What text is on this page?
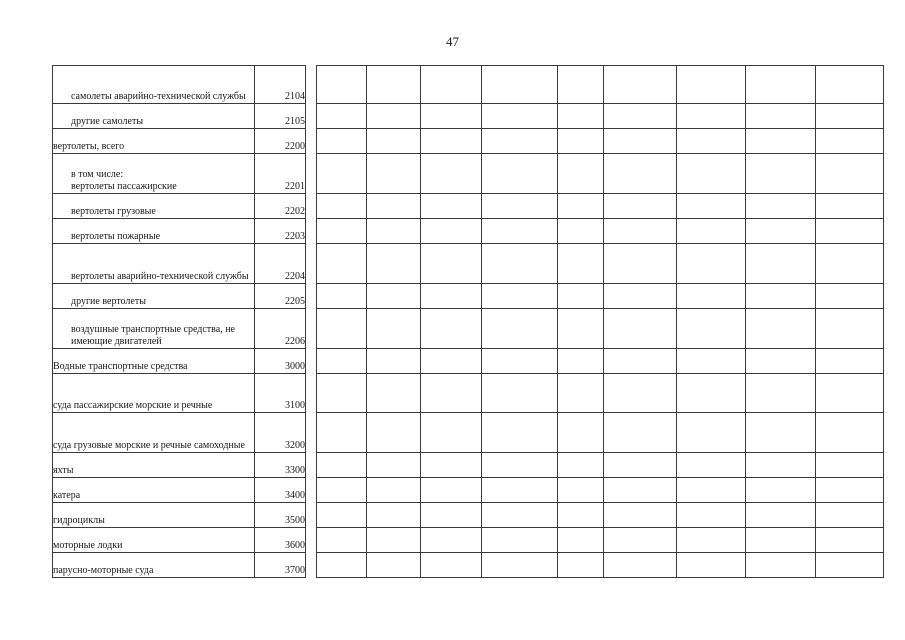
47
самолеты аварийно-технической службы	2104										
другие самолеты	2105										
вертолеты, всего	2200										
в том числе:
вертолеты пассажирские	2201										
вертолеты грузовые	2202										
вертолеты пожарные	2203										
вертолеты аварийно-технической службы	2204										
другие вертолеты	2205										
воздушные транспортные средства, не имеющие двигателей	2206										
Водные транспортные средства	3000										
суда пассажирские морские и речные	3100										
суда грузовые морские и речные самоходные	3200										
яхты	3300										
катера	3400										
гидроциклы	3500										
моторные лодки	3600										
парусно-моторные суда	3700										
